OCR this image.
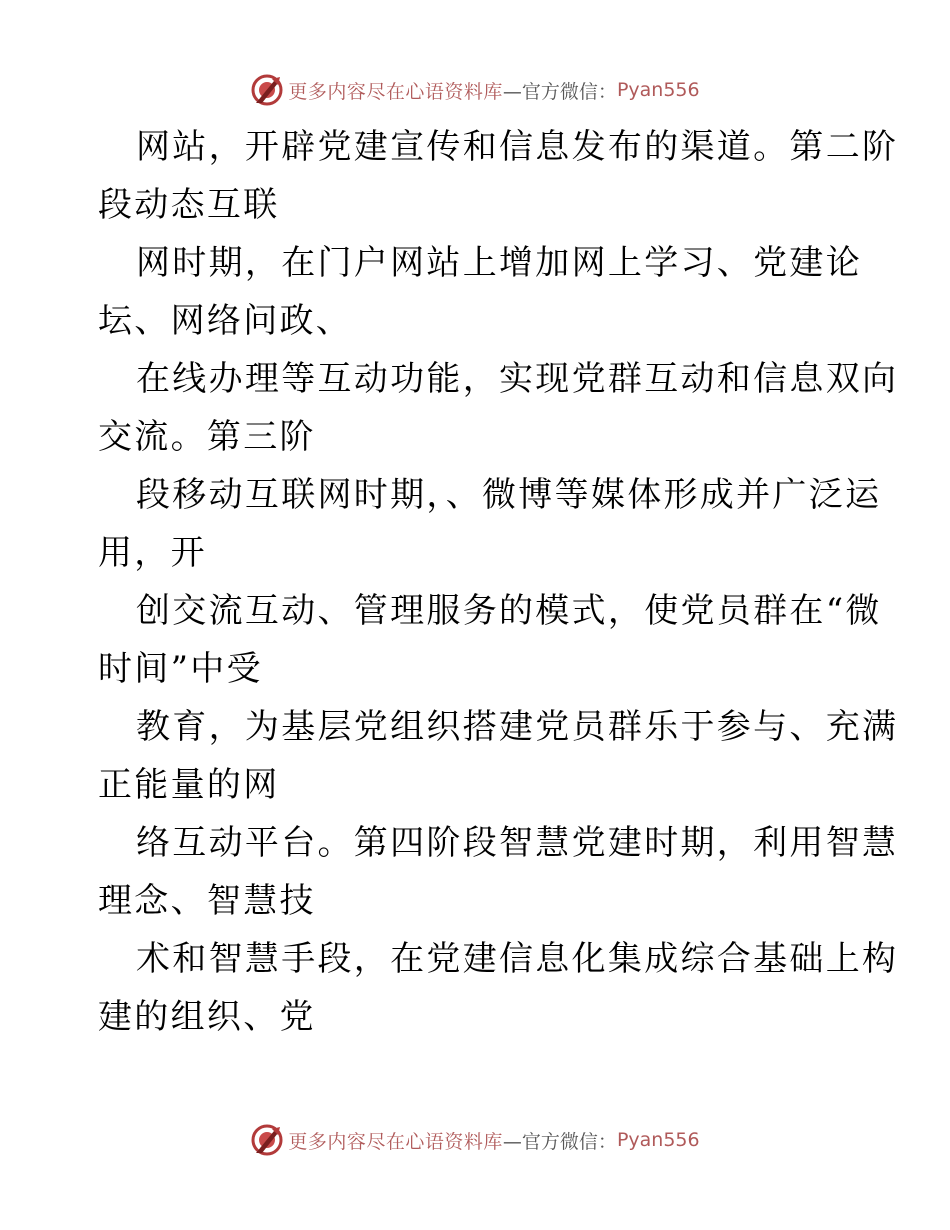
更多内容尽在心语资料库 —官方微信： Pyan556

网站，开辟党建宣传和信息发布的渠道。第二阶
段动态互联

网时期，在门户网站上增加网上学习、党建论
坛、网络问政、

在线办理等互动功能，实现党群互动和信息双向
交流。第三阶

段移动互联网时期，、微博等媒体形成并广泛运
用，开

创交流互动、管理服务的模式，使党员群在“微
时间”中受

教育，为基层党组织搭建党员群乐于参与、充满
正能量的网

络互动平台。第四阶段智慧党建时期，利用智慧
理念、智慧技

术和智慧手段，在党建信息化集成综合基础上构
建的组织、党

更多内容尽在心语资料库 —官方微信： Pyan556
